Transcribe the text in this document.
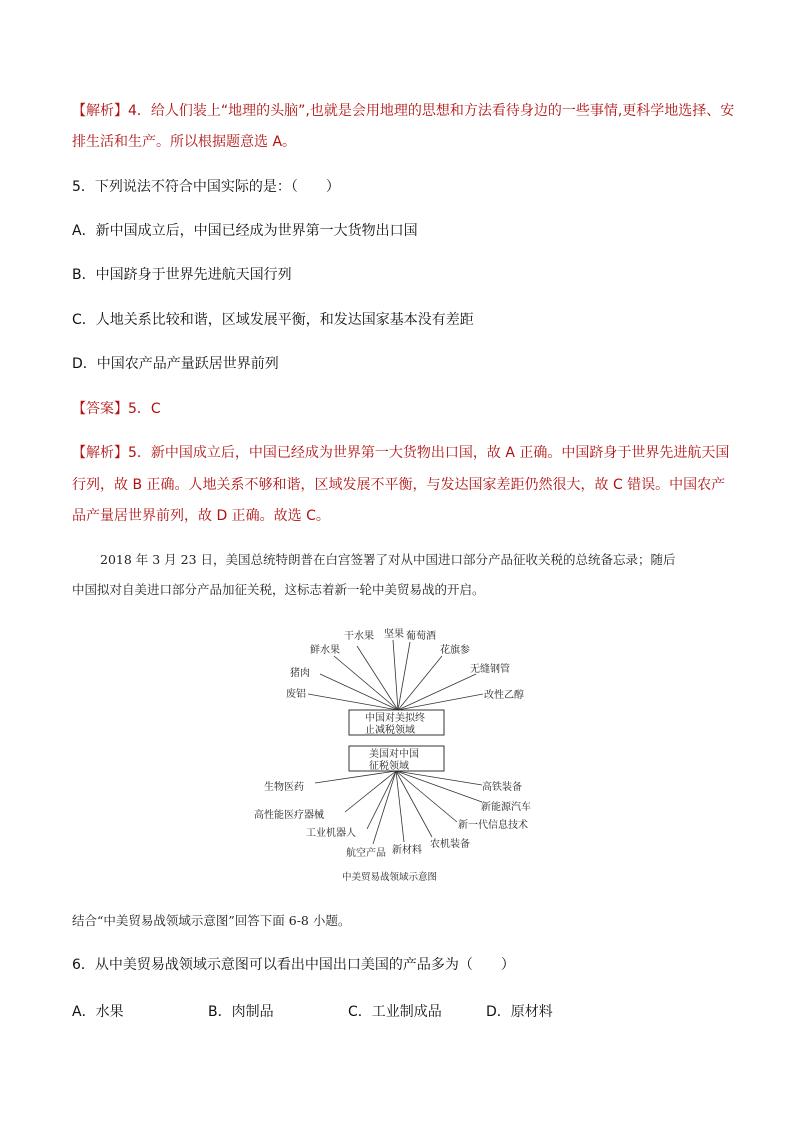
【解析】4．给人们装上“地理的头脑”,也就是会用地理的思想和方法看待身边的一些事情,更科学地选择、安
排生活和生产。所以根据题意选 A。
5．下列说法不符合中国实际的是：（　　）
A．新中国成立后，中国已经成为世界第一大货物出口国
B．中国跻身于世界先进航天国行列
C．人地关系比较和谐，区域发展平衡，和发达国家基本没有差距
D．中国农产品产量跃居世界前列
【答案】5．C
【解析】5．新中国成立后，中国已经成为世界第一大货物出口国，故 A 正确。中国跻身于世界先进航天国
行列，故 B 正确。人地关系不够和谐，区域发展不平衡，与发达国家差距仍然很大，故 C 错误。中国农产
品产量居世界前列，故 D 正确。故选 C。
2018 年 3 月 23 日，美国总统特朗普在白宫签署了对从中国进口部分产品征收关税的总统备忘录；随后
中国拟对自美进口部分产品加征关税，这标志着新一轮中美贸易战的开启。
干水果 坚果 葡萄酒
鲜水果	花旗参
猪肉	无缝钢管
废铝	改性乙醇
中国对美拟终
止减税领域
美国对中国
征税领域
生物医药	高铁装备
新能源汽车
高性能医疗器械
新一代信息技术
工业机器人
农机装备
新材料
航空产品
中美贸易战领域示意图
结合“中美贸易战领域示意图”回答下面 6-8 小题。
6．从中美贸易战领域示意图可以看出中国出口美国的产品多为（　　）
A．水果	B．肉制品	C．工业制成品	D．原材料
